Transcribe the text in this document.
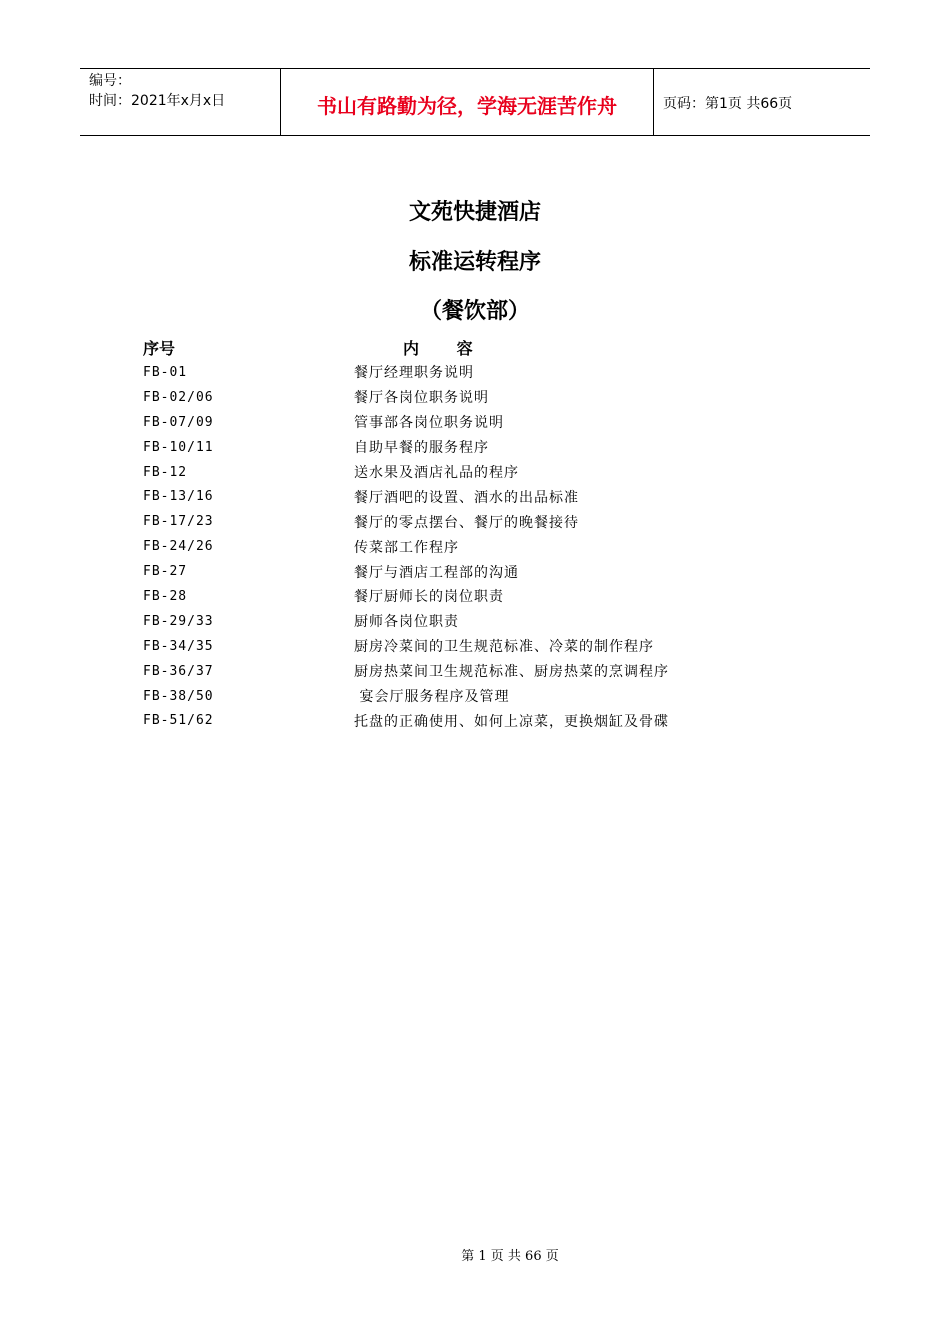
编号：
时间：2021年x月x日	书山有路勤为径，学海无涯苦作舟	页码：第1页 共66页
文苑快捷酒店
标准运转程序
（餐饮部）
序号	内 容
FB-01	餐厅经理职务说明
FB-02/06	餐厅各岗位职务说明
FB-07/09	管事部各岗位职务说明
FB-10/11	自助早餐的服务程序
FB-12	送水果及酒店礼品的程序
FB-13/16	餐厅酒吧的设置、酒水的出品标准
FB-17/23	餐厅的零点摆台、餐厅的晚餐接待
FB-24/26	传菜部工作程序
FB-27	餐厅与酒店工程部的沟通
FB-28	餐厅厨师长的岗位职责
FB-29/33	厨师各岗位职责
FB-34/35	厨房冷菜间的卫生规范标准、冷菜的制作程序
FB-36/37	厨房热菜间卫生规范标准、厨房热菜的烹调程序
FB-38/50	宴会厅服务程序及管理
FB-51/62	托盘的正确使用、如何上凉菜，更换烟缸及骨碟
第 1 页 共 66 页
